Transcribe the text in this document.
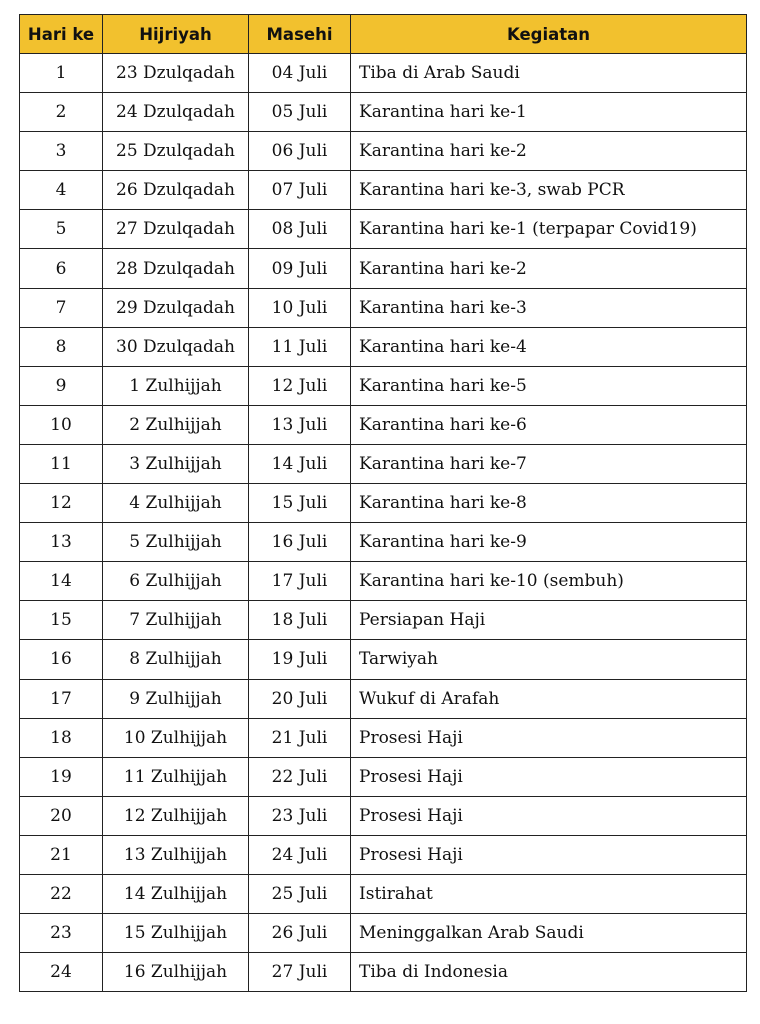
Hari ke	Hijriyah	Masehi	Kegiatan
1	23 Dzulqadah	04 Juli	Tiba di Arab Saudi
2	24 Dzulqadah	05 Juli	Karantina hari ke-1
3	25 Dzulqadah	06 Juli	Karantina hari ke-2
4	26 Dzulqadah	07 Juli	Karantina hari ke-3, swab PCR
5	27 Dzulqadah	08 Juli	Karantina hari ke-1 (terpapar Covid19)
6	28 Dzulqadah	09 Juli	Karantina hari ke-2
7	29 Dzulqadah	10 Juli	Karantina hari ke-3
8	30 Dzulqadah	11 Juli	Karantina hari ke-4
9	1 Zulhijjah	12 Juli	Karantina hari ke-5
10	2 Zulhijjah	13 Juli	Karantina hari ke-6
11	3 Zulhijjah	14 Juli	Karantina hari ke-7
12	4 Zulhijjah	15 Juli	Karantina hari ke-8
13	5 Zulhijjah	16 Juli	Karantina hari ke-9
14	6 Zulhijjah	17 Juli	Karantina hari ke-10 (sembuh)
15	7 Zulhijjah	18 Juli	Persiapan Haji
16	8 Zulhijjah	19 Juli	Tarwiyah
17	9 Zulhijjah	20 Juli	Wukuf di Arafah
18	10 Zulhijjah	21 Juli	Prosesi Haji
19	11 Zulhijjah	22 Juli	Prosesi Haji
20	12 Zulhijjah	23 Juli	Prosesi Haji
21	13 Zulhijjah	24 Juli	Prosesi Haji
22	14 Zulhijjah	25 Juli	Istirahat
23	15 Zulhijjah	26 Juli	Meninggalkan Arab Saudi
24	16 Zulhijjah	27 Juli	Tiba di Indonesia
